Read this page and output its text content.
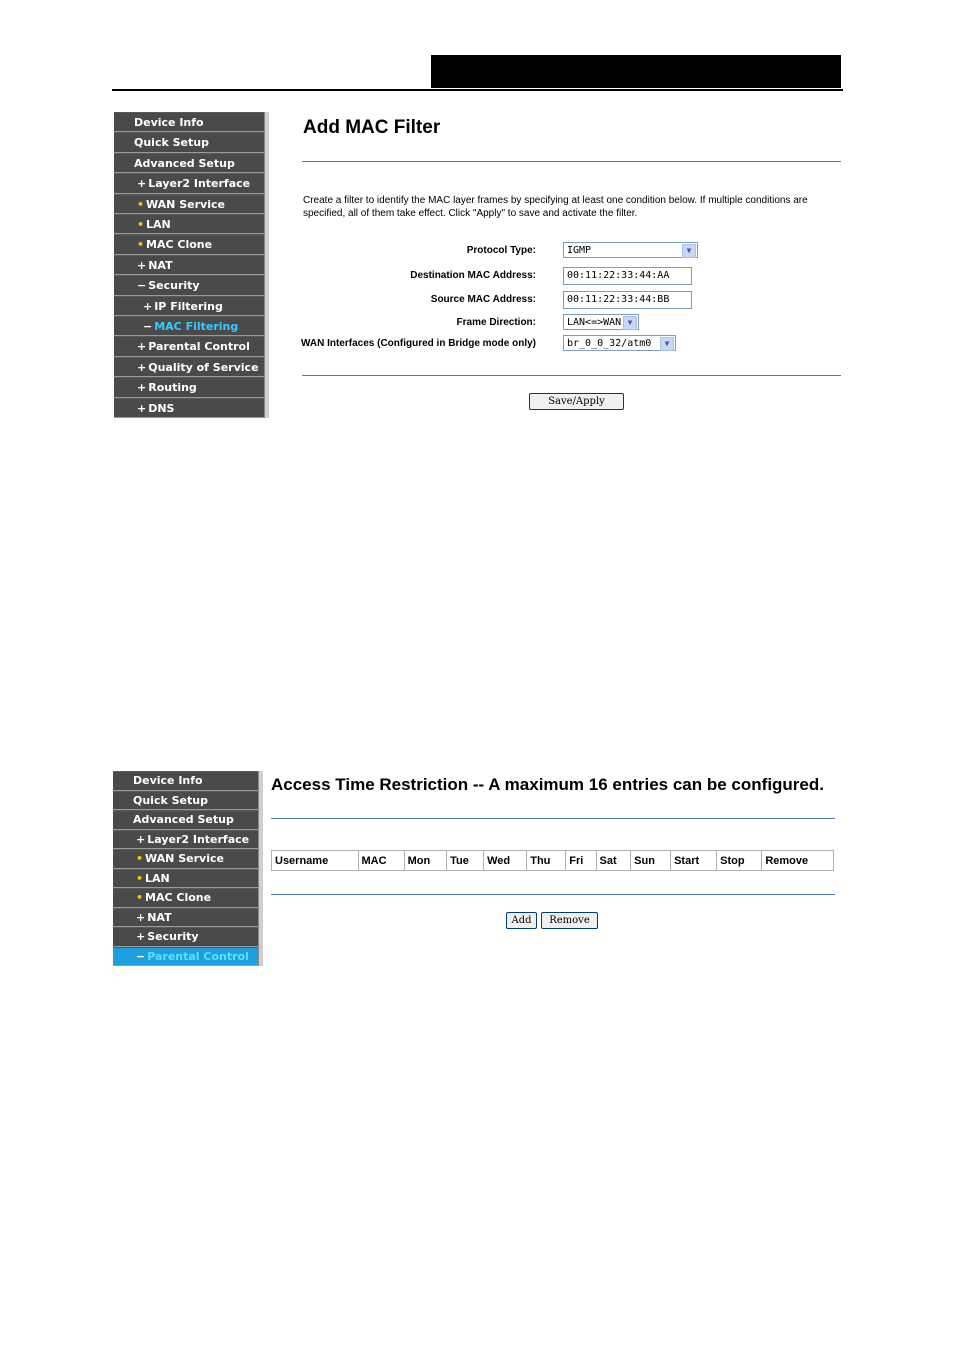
Device Info
Quick Setup
Advanced Setup
+ Layer2 Interface
• WAN Service
• LAN
• MAC Clone
+ NAT
− Security
+ IP Filtering
− MAC Filtering
+ Parental Control
+ Quality of Service
+ Routing
+ DNS
Add MAC Filter
Create a filter to identify the MAC layer frames by specifying at least one condition below. If multiple conditions are specified, all of them take effect. Click "Apply" to save and activate the filter.
Protocol Type:	IGMP	▼
Destination MAC Address:	00:11:22:33:44:AA
Source MAC Address:	00:11:22:33:44:BB
Frame Direction:	LAN<=>WAN ▼
WAN Interfaces (Configured in Bridge mode only)	br_0_0_32/atm0	▼
Save/Apply
Device Info
Quick Setup
Advanced Setup
+ Layer2 Interface
• WAN Service
• LAN
• MAC Clone
+ NAT
+ Security
− Parental Control
Access Time Restriction -- A maximum 16 entries can be configured.
Username	MAC	Mon	Tue	Wed	Thu	Fri	Sat	Sun	Start	Stop	Remove
Add	Remove
